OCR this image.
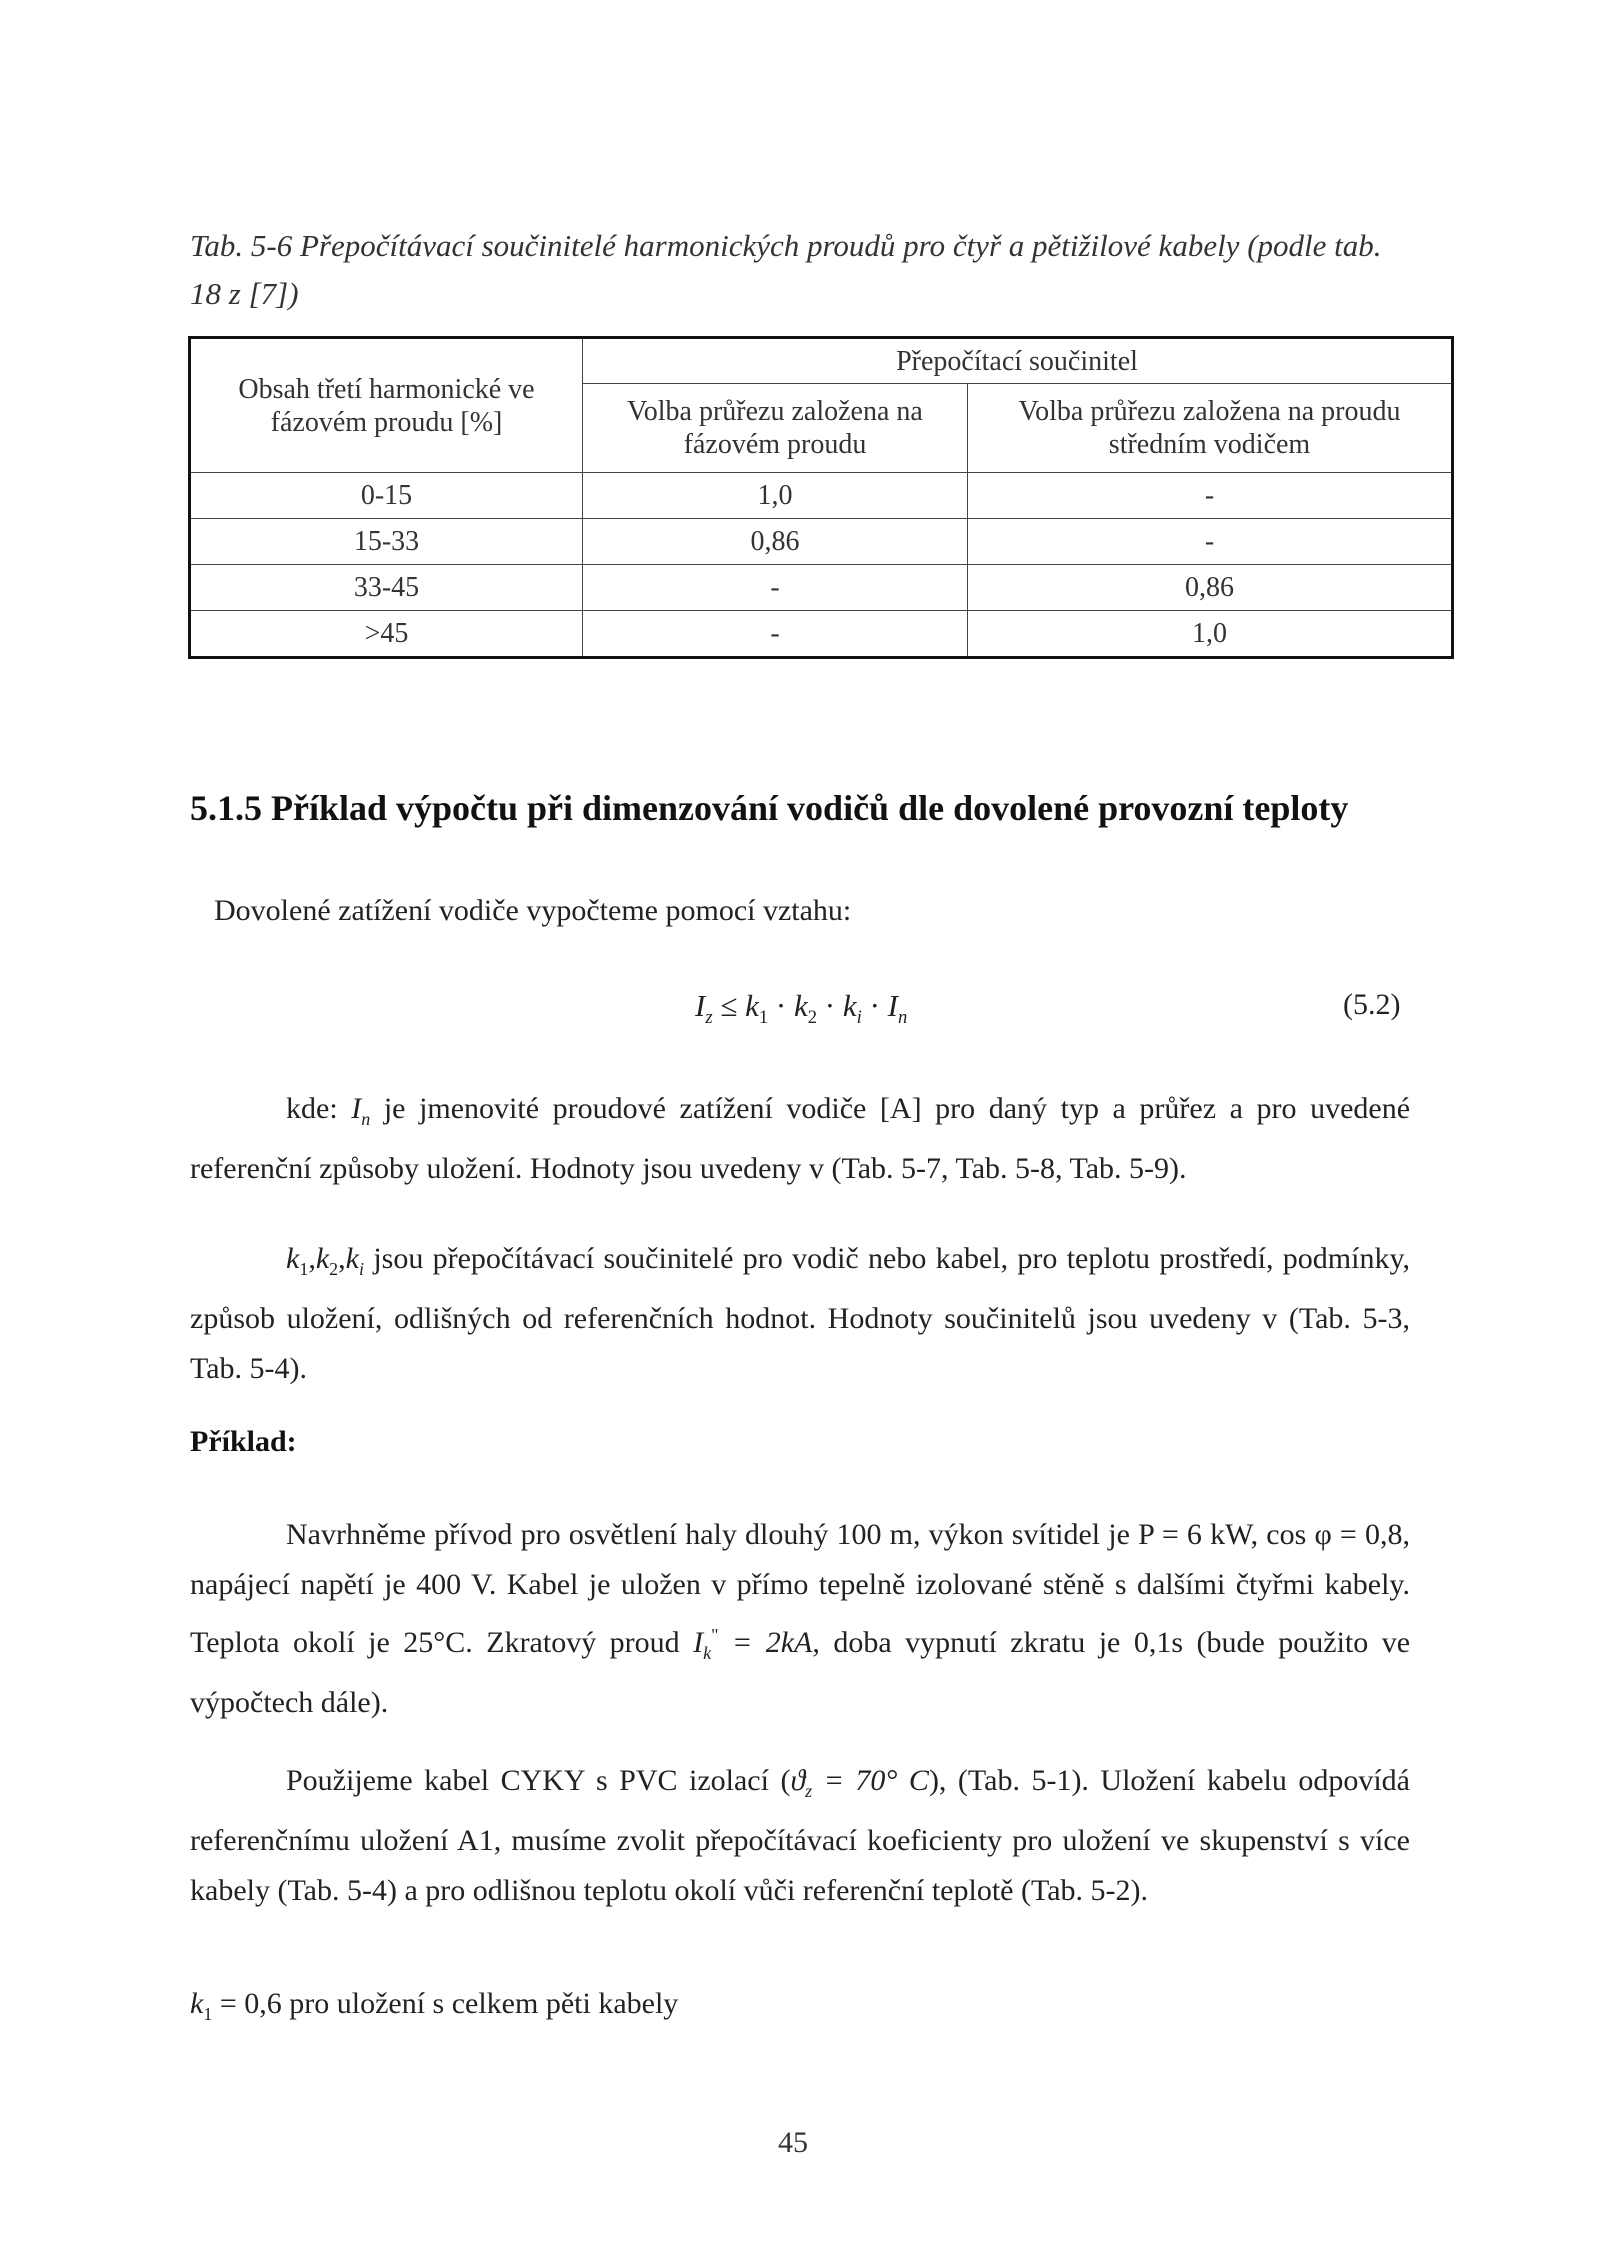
Tab. 5-6 Přepočítávací součinitelé harmonických proudů pro čtyř a pětižilové kabely (podle tab. 18 z [7])
Obsah třetí harmonické ve fázovém proudu [%]	Přepočítací součinitel	
	Volba průřezu založena na fázovém proudu	Volba průřezu založena na proudu středním vodičem
0-15	1,0	-
15-33	0,86	-
33-45	-	0,86
>45	-	1,0
5.1.5 Příklad výpočtu při dimenzování vodičů dle dovolené provozní teploty
Dovolené zatížení vodiče vypočteme pomocí vztahu:
$I_z \le k_1 \cdot k_2 \cdot k_i \cdot I_n$	(5.2)
kde: $I_n$ je jmenovité proudové zatížení vodiče [A] pro daný typ a průřez a pro uvedené referenční způsoby uložení. Hodnoty jsou uvedeny v (Tab. 5-7, Tab. 5-8, Tab. 5-9).
$k_1,k_2,k_i$ jsou přepočítávací součinitelé pro vodič nebo kabel, pro teplotu prostředí, podmínky, způsob uložení, odlišných od referenčních hodnot. Hodnoty součinitelů jsou uvedeny v (Tab. 5-3, Tab. 5-4).
Příklad:
Navrhněme přívod pro osvětlení haly dlouhý 100 m, výkon svítidel je P = 6 kW, cos φ = 0,8, napájecí napětí je 400 V. Kabel je uložen v přímo tepelně izolované stěně s dalšími čtyřmi kabely. Teplota okolí je 25°C. Zkratový proud $I_k^" = 2kA$, doba vypnutí zkratu je 0,1s (bude použito ve výpočtech dále).
Použijeme kabel CYKY s PVC izolací ($ϑ_z = 70^\circ$ C), (Tab. 5-1). Uložení kabelu odpovídá referenčnímu uložení A1, musíme zvolit přepočítávací koeficienty pro uložení ve skupenství s více kabely (Tab. 5-4) a pro odlišnou teplotu okolí vůči referenční teplotě (Tab. 5-2).
$k_1 = 0,6$ pro uložení s celkem pěti kabely
45
